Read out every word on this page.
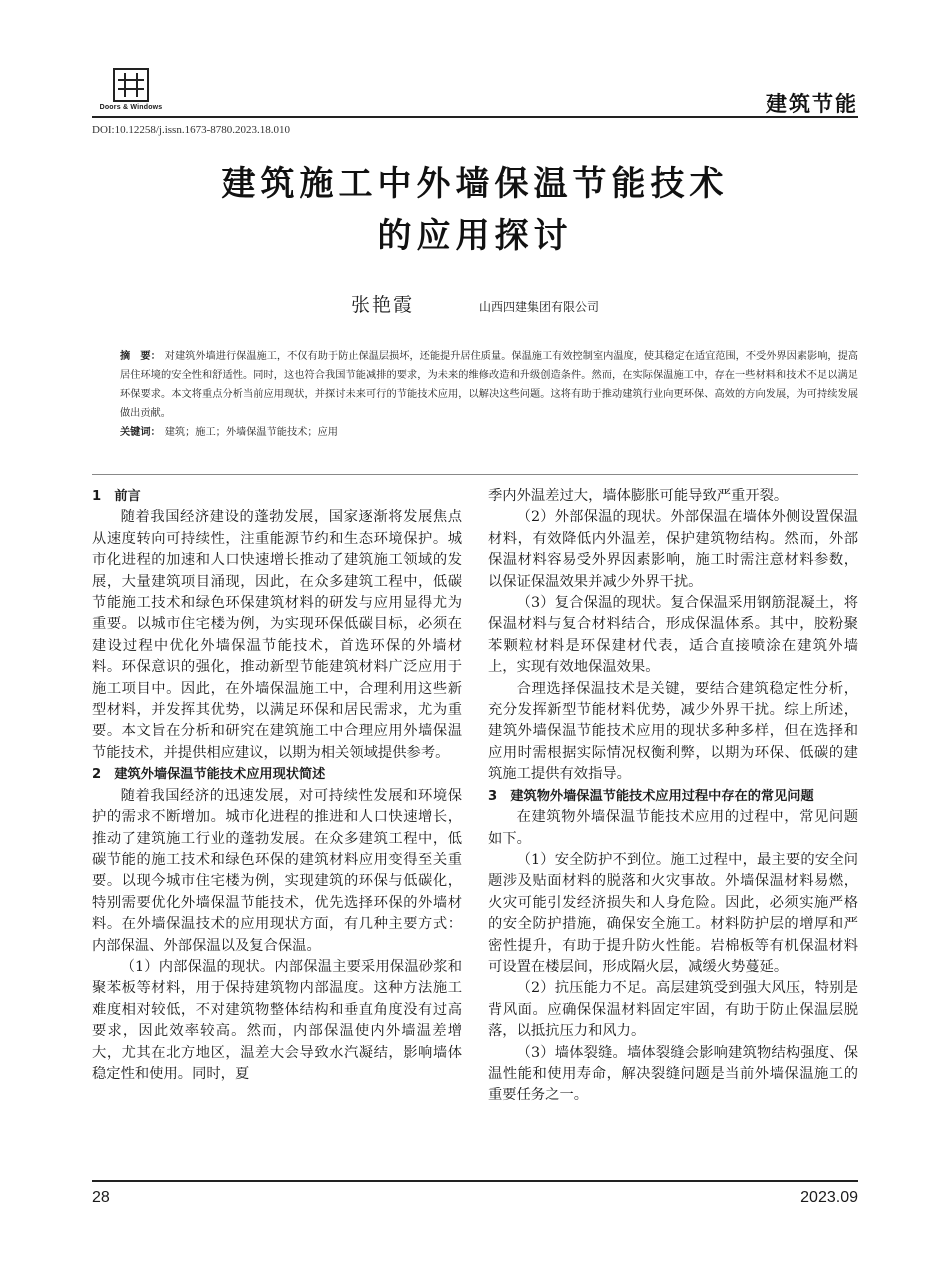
Doors & Windows	建筑节能
DOI:10.12258/j.issn.1673-8780.2023.18.010
建筑施工中外墙保温节能技术
的应用探讨
张艳霞	山西四建集团有限公司
摘　要： 对建筑外墙进行保温施工，不仅有助于防止保温层损坏，还能提升居住质量。保温施工有效控制室内温度，使其稳定在适宜范围，不受外界因素影响，提高居住环境的安全性和舒适性。同时，这也符合我国节能减排的要求，为未来的维修改造和升级创造条件。然而，在实际保温施工中，存在一些材料和技术不足以满足环保要求。本文将重点分析当前应用现状，并探讨未来可行的节能技术应用，以解决这些问题。这将有助于推动建筑行业向更环保、高效的方向发展，为可持续发展做出贡献。
关键词： 建筑；施工；外墙保温节能技术；应用
1　前言

随着我国经济建设的蓬勃发展，国家逐渐将发展焦点从速度转向可持续性，注重能源节约和生态环境保护。城市化进程的加速和人口快速增长推动了建筑施工领域的发展，大量建筑项目涌现，因此，在众多建筑工程中，低碳节能施工技术和绿色环保建筑材料的研发与应用显得尤为重要。以城市住宅楼为例，为实现环保低碳目标，必须在建设过程中优化外墙保温节能技术，首选环保的外墙材料。环保意识的强化，推动新型节能建筑材料广泛应用于施工项目中。因此，在外墙保温施工中，合理利用这些新型材料，并发挥其优势，以满足环保和居民需求，尤为重要。本文旨在分析和研究在建筑施工中合理应用外墙保温节能技术，并提供相应建议，以期为相关领域提供参考。

2　建筑外墙保温节能技术应用现状简述

随着我国经济的迅速发展，对可持续性发展和环境保护的需求不断增加。城市化进程的推进和人口快速增长，推动了建筑施工行业的蓬勃发展。在众多建筑工程中，低碳节能的施工技术和绿色环保的建筑材料应用变得至关重要。以现今城市住宅楼为例，实现建筑的环保与低碳化，特别需要优化外墙保温节能技术，优先选择环保的外墙材料。在外墙保温技术的应用现状方面，有几种主要方式：内部保温、外部保温以及复合保温。

（1）内部保温的现状。内部保温主要采用保温砂浆和聚苯板等材料，用于保持建筑物内部温度。这种方法施工难度相对较低，不对建筑物整体结构和垂直角度没有过高要求，因此效率较高。然而，内部保温使内外墙温差增大，尤其在北方地区，温差大会导致水汽凝结，影响墙体稳定性和使用。同时，夏

季内外温差过大，墙体膨胀可能导致严重开裂。

（2）外部保温的现状。外部保温在墙体外侧设置保温材料，有效降低内外温差，保护建筑物结构。然而，外部保温材料容易受外界因素影响，施工时需注意材料参数，以保证保温效果并减少外界干扰。

（3）复合保温的现状。复合保温采用钢筋混凝土，将保温材料与复合材料结合，形成保温体系。其中，胶粉聚苯颗粒材料是环保建材代表，适合直接喷涂在建筑外墙上，实现有效地保温效果。

合理选择保温技术是关键，要结合建筑稳定性分析，充分发挥新型节能材料优势，减少外界干扰。综上所述，建筑外墙保温节能技术应用的现状多种多样，但在选择和应用时需根据实际情况权衡利弊，以期为环保、低碳的建筑施工提供有效指导。

3　建筑物外墙保温节能技术应用过程中存在的常见问题

在建筑物外墙保温节能技术应用的过程中，常见问题如下。

（1）安全防护不到位。施工过程中，最主要的安全问题涉及贴面材料的脱落和火灾事故。外墙保温材料易燃，火灾可能引发经济损失和人身危险。因此，必须实施严格的安全防护措施，确保安全施工。材料防护层的增厚和严密性提升，有助于提升防火性能。岩棉板等有机保温材料可设置在楼层间，形成隔火层，减缓火势蔓延。

（2）抗压能力不足。高层建筑受到强大风压，特别是背风面。应确保保温材料固定牢固，有助于防止保温层脱落，以抵抗压力和风力。

（3）墙体裂缝。墙体裂缝会影响建筑物结构强度、保温性能和使用寿命，解决裂缝问题是当前外墙保温施工的重要任务之一。

28	2023.09
